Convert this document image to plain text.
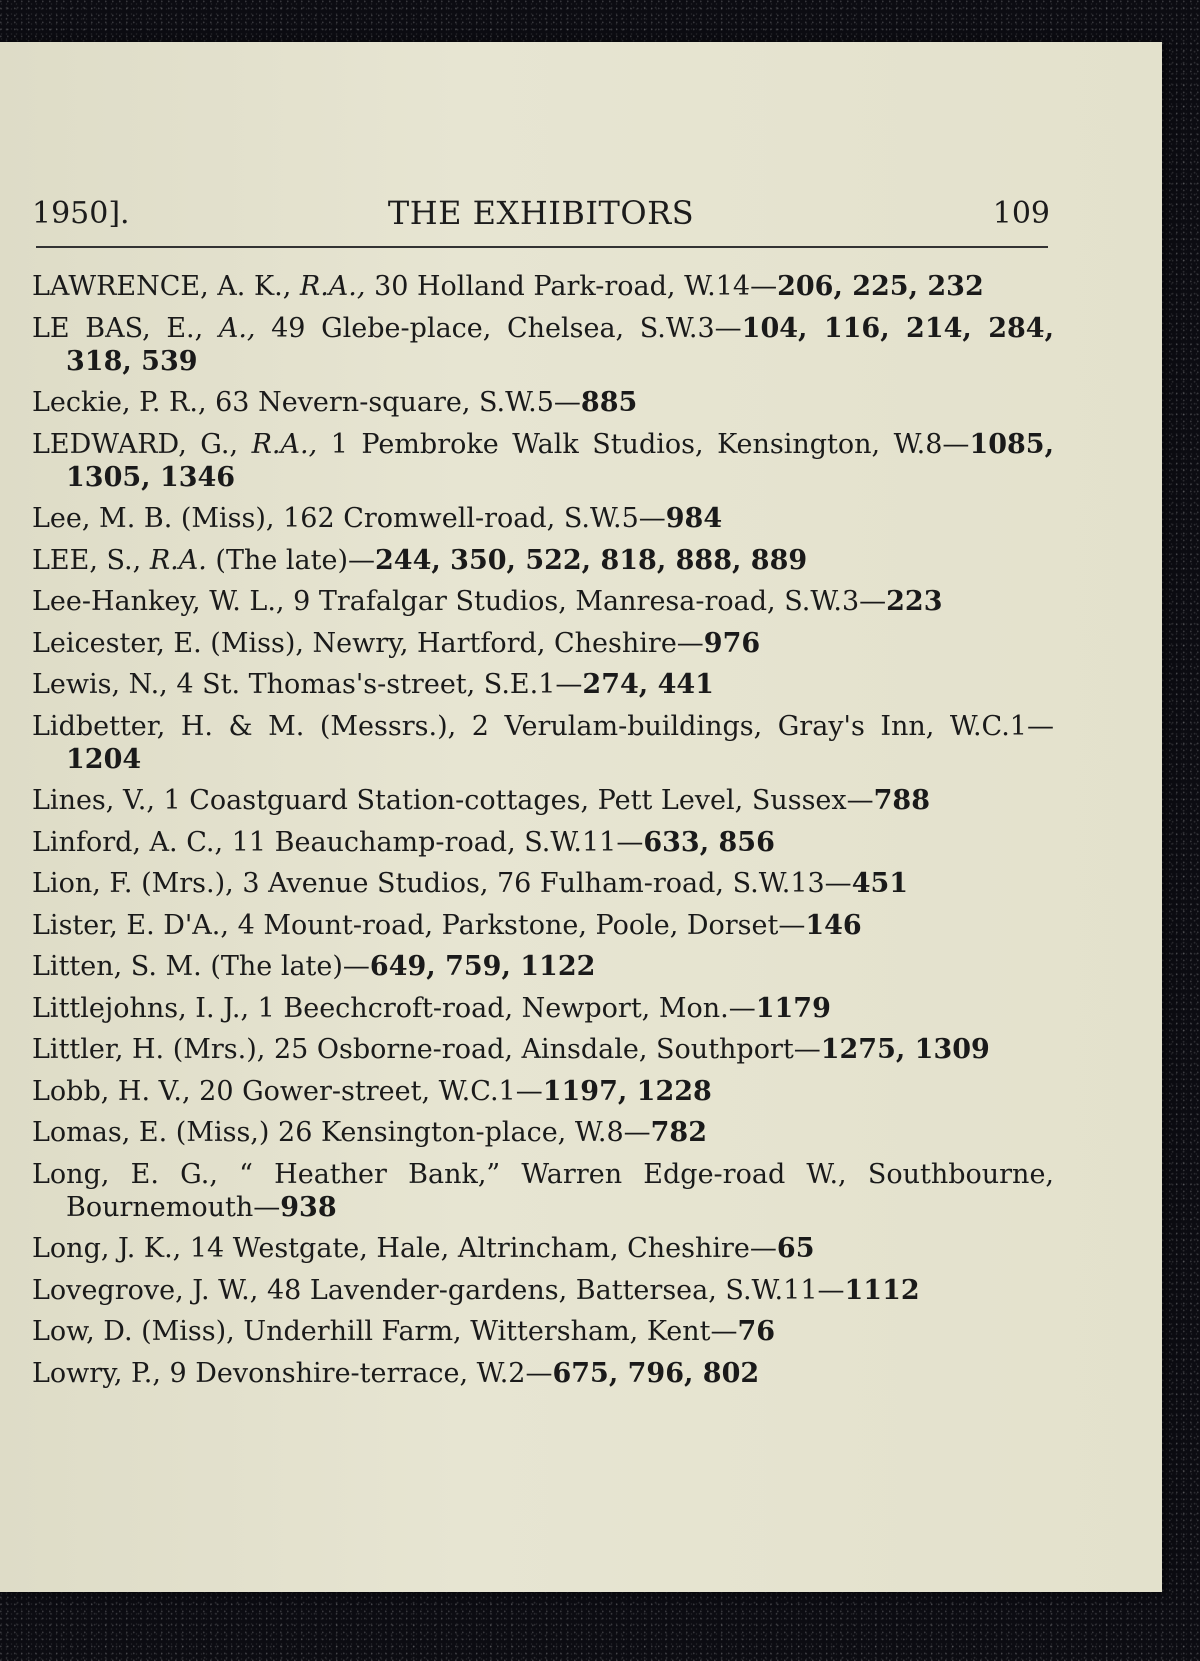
1950].	THE EXHIBITORS	109
LAWRENCE, A. K., R.A., 30 Holland Park-road, W.14—206, 225, 232
LE BAS, E., A., 49 Glebe-place, Chelsea, S.W.3—104, 116, 214, 284, 318, 539
Leckie, P. R., 63 Nevern-square, S.W.5—885
LEDWARD, G., R.A., 1 Pembroke Walk Studios, Kensington, W.8—1085, 1305, 1346
Lee, M. B. (Miss), 162 Cromwell-road, S.W.5—984
LEE, S., R.A. (The late)—244, 350, 522, 818, 888, 889
Lee-Hankey, W. L., 9 Trafalgar Studios, Manresa-road, S.W.3—223
Leicester, E. (Miss), Newry, Hartford, Cheshire—976
Lewis, N., 4 St. Thomas's-street, S.E.1—274, 441
Lidbetter, H. & M. (Messrs.), 2 Verulam-buildings, Gray's Inn, W.C.1—1204
Lines, V., 1 Coastguard Station-cottages, Pett Level, Sussex—788
Linford, A. C., 11 Beauchamp-road, S.W.11—633, 856
Lion, F. (Mrs.), 3 Avenue Studios, 76 Fulham-road, S.W.13—451
Lister, E. D'A., 4 Mount-road, Parkstone, Poole, Dorset—146
Litten, S. M. (The late)—649, 759, 1122
Littlejohns, I. J., 1 Beechcroft-road, Newport, Mon.—1179
Littler, H. (Mrs.), 25 Osborne-road, Ainsdale, Southport—1275, 1309
Lobb, H. V., 20 Gower-street, W.C.1—1197, 1228
Lomas, E. (Miss,) 26 Kensington-place, W.8—782
Long, E. G., “ Heather Bank,” Warren Edge-road W., Southbourne, Bournemouth—938
Long, J. K., 14 Westgate, Hale, Altrincham, Cheshire—65
Lovegrove, J. W., 48 Lavender-gardens, Battersea, S.W.11—1112
Low, D. (Miss), Underhill Farm, Wittersham, Kent—76
Lowry, P., 9 Devonshire-terrace, W.2—675, 796, 802
